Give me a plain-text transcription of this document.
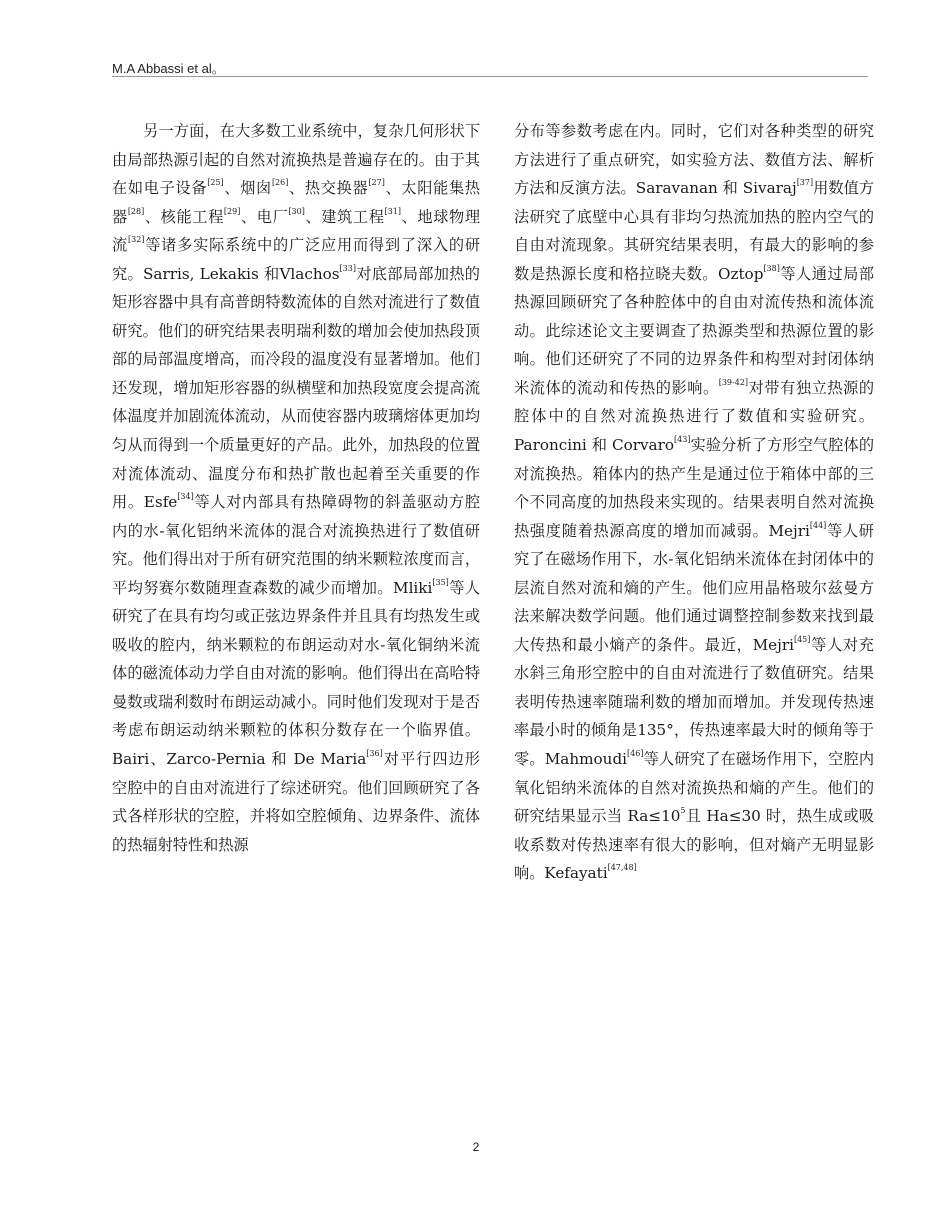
M.A Abbassi et al。

另一方面，在大多数工业系统中，复杂几何形状下由局部热源引起的自然对流换热是普遍存在的。由于其在如电子设备[25]、烟囱[26]、热交换器[27]、太阳能集热器[28]、核能工程[29]、电厂[30]、建筑工程[31]、地球物理流[32]等诸多实际系统中的广泛应用而得到了深入的研究。Sarris, Lekakis 和Vlachos[33]对底部局部加热的矩形容器中具有高普朗特数流体的自然对流进行了数值研究。他们的研究结果表明瑞利数的增加会使加热段顶部的局部温度增高，而冷段的温度没有显著增加。他们还发现，增加矩形容器的纵横壁和加热段宽度会提高流体温度并加剧流体流动，从而使容器内玻璃熔体更加均匀从而得到一个质量更好的产品。此外，加热段的位置对流体流动、温度分布和热扩散也起着至关重要的作用。Esfe[34]等人对内部具有热障碍物的斜盖驱动方腔内的水-氧化铝纳米流体的混合对流换热进行了数值研究。他们得出对于所有研究范围的纳米颗粒浓度而言，平均努赛尔数随理查森数的减少而增加。Mliki[35]等人研究了在具有均匀或正弦边界条件并且具有均热发生或吸收的腔内，纳米颗粒的布朗运动对水-氧化铜纳米流体的磁流体动力学自由对流的影响。他们得出在高哈特曼数或瑞利数时布朗运动减小。同时他们发现对于是否考虑布朗运动纳米颗粒的体积分数存在一个临界值。Bairi、Zarco-Pernia 和 De Maria[36]对平行四边形空腔中的自由对流进行了综述研究。他们回顾研究了各式各样形状的空腔，并将如空腔倾角、边界条件、流体的热辐射特性和热源

分布等参数考虑在内。同时，它们对各种类型的研究方法进行了重点研究，如实验方法、数值方法、解析方法和反演方法。Saravanan 和 Sivaraj[37]用数值方法研究了底壁中心具有非均匀热流加热的腔内空气的自由对流现象。其研究结果表明，有最大的影响的参数是热源长度和格拉晓夫数。Oztop[38]等人通过局部热源回顾研究了各种腔体中的自由对流传热和流体流动。此综述论文主要调查了热源类型和热源位置的影响。他们还研究了不同的边界条件和构型对封闭体纳米流体的流动和传热的影响。[39-42]对带有独立热源的腔体中的自然对流换热进行了数值和实验研究。Paroncini 和 Corvaro[43]实验分析了方形空气腔体的对流换热。箱体内的热产生是通过位于箱体中部的三个不同高度的加热段来实现的。结果表明自然对流换热强度随着热源高度的增加而减弱。Mejri[44]等人研究了在磁场作用下，水-氧化铝纳米流体在封闭体中的层流自然对流和熵的产生。他们应用晶格玻尔兹曼方法来解决数学问题。他们通过调整控制参数来找到最大传热和最小熵产的条件。最近，Mejri[45]等人对充水斜三角形空腔中的自由对流进行了数值研究。结果表明传热速率随瑞利数的增加而增加。并发现传热速率最小时的倾角是135°，传热速率最大时的倾角等于零。Mahmoudi[46]等人研究了在磁场作用下，空腔内氧化铝纳米流体的自然对流换热和熵的产生。他们的研究结果显示当 $Ra\le 10^5$且 Ha≤30 时，热生成或吸收系数对传热速率有很大的影响，但对熵产无明显影响。Kefayati[47,48]

2
